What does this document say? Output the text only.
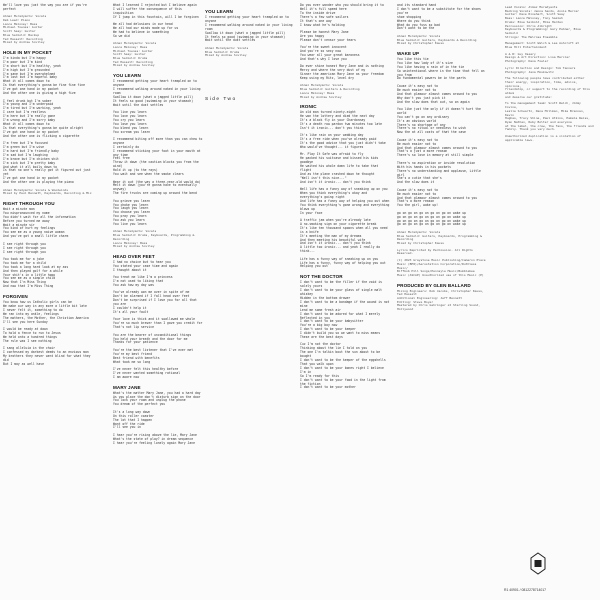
We'll love you just the way you are if you're perfect
Almaz Muradyants: Vocals
Deb Leed: Piano
Lance Maloney: Bass
Michael Townes: Guitar
Scott Seay: Guitar
Blue Seibold: Backup
Ted Hasselt: Recording
Mixed by Andrew Sculley
HOLE IN MY POCKET
I'm kinda but I'm happy
I'm poor but I'm kind
I'm short but I'm healthy, yeah
I'm high but I'm grounded
I'm sane but I'm overwhelmed
I'm lost but I'm hopeful baby
What it all comes down to
Is that everything's gonna be fine fine fine
I've got one hand in my pocket
And the other one is giving a high five
I feel drunk but I'm sober
I'm young and I'm underpaid
I'm tired but I'm working, yeah
I care but I'm restless
I'm here but I'm really gone
I'm wrong and I'm sorry baby
What it all comes down to
Is that everything's gonna be quite alright
I've got one hand in my pocket
And the other one is flicking a cigarette
I'm free but I'm focused
I'm green but I'm wise
I'm hard but I'm friendly baby
I'm sad but I'm laughing
I'm brave but I'm chicken shit
I'm sick but I'm pretty baby
And what it all boils down to
Is that no one's really got it figured out just yet
I've got one hand in my pocket
And the other one is playing the piano
Almaz Muradyants: Vocals & Woodwinds
Mixed by Paul Bennett, Keyboards, Recording & Mix
RIGHT THROUGH YOU
Wait a minute man
You mispronounced my name
You didn't wait for all the information
Before you turned me away
Wait a minute sir
You kind of hurt my feelings
You see me as a young naive woman
And you've got a small little charm
I see right through you
I see right through you
I see right through you
You took me for a joke
You took me for a child
You took a long hard look at my ass
And then played golf for a while
Your shit's in a little hoop
You see me as a simple child
Now that I'm Miss Thing
And now that I'm Miss Thing
FORGIVEN
You know how us Catholic girls can be
We make our way in any more a little bit late
I never felt it, something to do
We ran into my ankle, feelings
The mothers, the Mother, the Christian America
I'll see you here Sunday
I would be ready at dawn
To hold a fence to run to Jesus
We held onto a hundred things
The rule was I see nothing
I sang alleluia in the choir
I confessed my darkest deeds to an envious man
My brothers they never went blind for what they did
But I may as well have
What I learned I rejected but I believe again
I will suffer the consequence of this inquisition
If I jump in this fountain, will I be forgiven
We all had delusions in our head
We all had our minds made up for us
We had to believe in something
So we did
Almaz Muradyants: Vocals
Lance Maloney: Bass
Michael Townes: Guitar
Scott Seay: Guitar
Blue Seibold: Drums
Ted Hasselt: Recording
Mixed by Andrew Sculley
YOU LEARN
I recommend getting your heart trampled on to anyone
I recommend walking around naked in your living room
Swallow it down (what a jagged little pill)
It feels so good (swimming in your stomach)
Wait until the dust settles
You live you learn
You love you learn
You cry you learn
You lose you learn
You bleed you learn
You scream you learn
I recommend biting off more than you can chew to anyone
I certainly do
I recommend sticking your foot in your mouth at any time
Feel free
Throw it down (the caution blocks you from the wind)
Hold it up (to the rays)
You wait and see when the smoke clears
Wear it out (the way a three-year-old would do)
Melt it down (you're gonna have to eventually anyway)
The fire trucks are coming up around the bend
You grieve you learn
You choke you learn
You laugh you learn
You choose you learn
You pray you learn
You ask you learn
You live you learn
Almaz Muradyants: Vocals
Blue Seibold: Drums, Keyboards, Programming & Recording
Lance Maloney: Bass
Mixed by Andrew Sculley
HEAD OVER FEET
I had no choice but to hear you
You stated your case time and again
I thought about it
You treat me like I'm a princess
I'm not used to liking that
You ask how my day was
You've already won me over in spite of me
Don't be alarmed if I fall head over feet
Don't be surprised if I love you for all that you are
I couldn't help it
It's all your fault
Your love is thick and it swallowed me whole
You're so much braver than I gave you credit for
That's not lip service
You are the bearer of unconditional things
You held your breath and the door for me
Thanks for your patience
You're the best listener that I've ever met
You're my best friend
Best friend with benefits
What took me so long
I've never felt this healthy before
I've never wanted something rational
I am aware now
MARY JANE
What's the matter Mary Jane, you had a hard day
As you place the don't disturb sign on the door
You lock your room and unplug the phone
You dream of the perfect you
It's a long way down
On this roller coaster
The lot that I happen
Want off the ride
I'll see you in
I hear you're rising above the lie, Mary Jane
What's the state of play? in dream sequence
I hear you're feeling lonely again Mary Jane
YOU LEARN
I recommend getting your heart trampled on to anyone
I recommend walking around naked in your living room
Swallow it down (what a jagged little pill)
It feels so good (swimming in your stomach)
Wait until the dust settles
Almaz Muradyants: Vocals
Blue Seibold: Drums
Mixed by Andrew Sculley
Do you ever wonder who you should bring it to
Well it's full speed here
To the inside drive
There's a few safe sailors
It that's one way
I know what he's holding
Please be honest Mary Jane
Are you happy
Please don't censor your tears
You're the sweet innocent
And you're so sexy now
You wear all your great baroness
And that's why I love you
Do ever shine honest Mary Jane and is nothing
Mercy and where the very dust of my
Sinner the american Mary Jane as your freedom
Keep using my Ritz, level dry
Almaz Muradyants: Vocals
Blue Seibold: Guitars & Recording
Lance Maloney: Bass
Mixed by Andrew Sculley
IRONIC
An old man turned ninety-eight
He won the lottery and died the next day
It's a black fly in your Chardonnay
It's a death row pardon two minutes too late
Isn't it ironic... don't you think
It's like rain on your wedding day
It's a free ride when you've already paid
It's the good advice that you just didn't take
Who would've thought... it figures
Mr. Play It Safe was afraid to fly
He packed his suitcase and kissed his kids goodbye
He waited his whole damn life to take that flight
And as the plane crashed down he thought
"Well isn't this nice..."
And isn't it ironic... don't you think
Well life has a funny way of sneaking up on you
When you think everything's okay and everything's going right
And life has a funny way of helping you out when
You think everything's gone wrong and everything blows up
In your face
A traffic jam when you're already late
A no-smoking sign on your cigarette break
It's like ten thousand spoons when all you need is a knife
It's meeting the man of my dreams
And then meeting his beautiful wife
And isn't it ironic... don't you think
A little too ironic... and yeah I really do think...
Life has a funny way of sneaking up on you
Life has a funny, funny way of helping you out
Helping you out
NOT THE DOCTOR
I don't want to be the filler if the void is solely yours
I don't want to be your glass of single malt whiskey
Hidden in the bottom drawer
I don't want to be a bandage if the wound is not mine
Lend me some fresh air
I don't want to be adored for what I merely
Reflected in you
I don't want to be your babysitter
You're a big boy now
I don't want to be your keeper
I didn't build you so we want to miss means
These are the best days
Cuz I'm not the doctor
Thinking about the lie I told on you
The one I'm talkin bout the sun about to be bought
I don't want to be the keeper of the eggshells
That you walk upon
I don't want to be your bones right I believe I'm in
So I'm ready for this
I don't want to be your food in the light from the fiction
I don't want to be your mother
and its standard hand
I don't want to be a substitute for the shoes you're
shoe shopping
Where do you think
What do you fuss so bad
Don't want to be the
Almaz Muradyants: Vocals
Blue Seibold: Guitars, Keyboards & Recording
Mixed by Christopher Kauss
WAKE UP
You like this tie
You like how lady of it's size
You like having a rain of in the tie
So unintentional where in the time that fell on you from
Do fundamental powers be in the parts
Cause it's easy not to
Be much easier not to
And that glamour almost comes around to you
Why don't you just pick it
And the slow does that out, so on again
You like just the only if it doesn't hurt the world
You can't go on any ordinary
It's an obvious world
There's no shortage of any
There's no ritual or needless to wish
Now the at all costs of that the case
Cause it's easy not to
Be much easier not to
And that glamour almost comes around to you
That's a just a more reason
There's so love in memory at still simple
There's no aspiration or inside resolution
With his hands in his pockets
There's no understanding and applause, Little girl
She's a cutie that she's
And the slow does it
Cause it's easy not to
Be much easier not to
And that glamour almost comes around to you
That's a more reason
You the girl, wake up!
go on go on go on go on go on wake up
go on go on go on go on go on wake up
go on go on go on go on go on wake up
go on go on go on go on go on wake up
Almaz Muradyants: Vocals
Blue Seibold: Guitars, Keyboards, Programming & Recording
Mixed by Christopher Kauss
Lyrics Reprinted by Permission. All Rights Reserved.
(C) 2023 Graystone Music Publishing/Cameron Place
Music (BMI)/Aerostation Corporation/Ruthless Music/
Biffbob Hill Songs/Pennsyle Music/Bumblebee
Music (ASCAP) Unauthorized use of this Music (P)
PRODUCED BY GLEN BALLARD
Mixing Engineers: Rob Jacobs, Christopher Kauss, Ted Hasselt
Additional Engineering: Jeff Bennett
Editing: Steve Boyer
Mastered by Chris Gehringer at Sterling Sound, Hollywood
Lead Vocals: Almaz Muradyants
Backing Vocals: Jenna Sands, Annie Mercer
Guitar: Dave Rinehart, Scott Seay
Bass: Lance Maloney, Tony Saaleh
Drums: Blue Seibold, Mike Harden
Percussion: Chris Albright
Keyboards & Programming: Gary Palmer, Blue Seibold
Strings: The Melrose Ensemble
Management: Scott Welch & Lee Ashcroft at
Blue Hill Entertainment
A & R: Guy Oseary
Design & Art Direction: Lisa Mercier
Photography: Dana Fowler
Lyric Direction and Design: Tom Tanners
Photography: Jana Moskowitz
The following people have contributed either
their energy, inspiration, time, advice, opinions,
friendship, or support to the recording of this album
and deserve our gratitude:
To the management team: Scott Welch, Jimmy Iovine,
Leslie Schwartz, Dana Millman, Mike Brennan, Kevin
Hughes, Tracy Shine, Paul Atkins, Pamela Weiss,
Ryan Nathan, Ruby Bolter and everyone
at the label, the crew, the fans, the friends and
family. Thank you very much.
Unauthorized duplication is a violation of applicable laws.
Side Two
R1 40901 / 0812278714017
